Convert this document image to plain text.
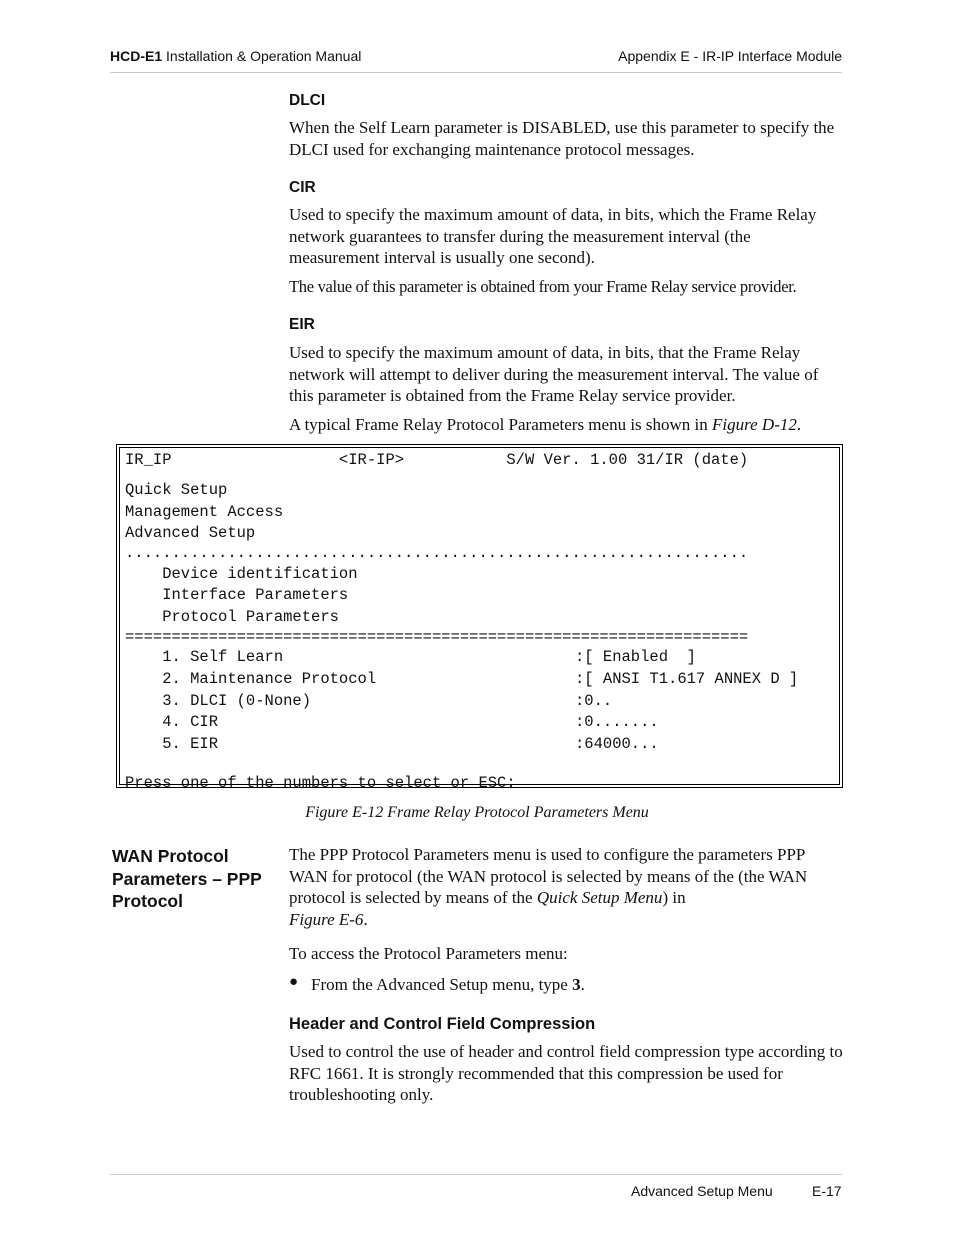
HCD-E1 Installation & Operation Manual	Appendix E - IR-IP Interface Module
DLCI

When the Self Learn parameter is DISABLED, use this parameter to specify the DLCI used for exchanging maintenance protocol messages.

CIR

Used to specify the maximum amount of data, in bits, which the Frame Relay network guarantees to transfer during the measurement interval (the measurement interval is usually one second).

The value of this parameter is obtained from your Frame Relay service provider.

EIR

Used to specify the maximum amount of data, in bits, that the Frame Relay network will attempt to deliver during the measurement interval. The value of this parameter is obtained from the Frame Relay service provider.

A typical Frame Relay Protocol Parameters menu is shown in Figure D-12.

IR_IP                  <IR-IP>           S/W Ver. 1.00 31/IR (date)
Quick Setup
Management Access
Advanced Setup
...................................................................
Device identification
Interface Parameters
Protocol Parameters
===================================================================
1. Self Learn	:[ Enabled  ]
2. Maintenance Protocol	:[ ANSI T1.617 ANNEX D ]
3. DLCI (0-None)	:0..
4. CIR	:0.......
5. EIR	:64000...
Press one of the numbers to select or ESC:
Figure E-12 Frame Relay Protocol Parameters Menu
WAN Protocol Parameters – PPP Protocol

The PPP Protocol Parameters menu is used to configure the parameters PPP WAN for protocol (the WAN protocol is selected by means of the (the WAN protocol is selected by means of the Quick Setup Menu) in
Figure E-6.

To access the Protocol Parameters menu:

● From the Advanced Setup menu, type 3.
Header and Control Field Compression

Used to control the use of header and control field compression type according to RFC 1661. It is strongly recommended that this compression be used for troubleshooting only.

Advanced Setup Menu	E-17
